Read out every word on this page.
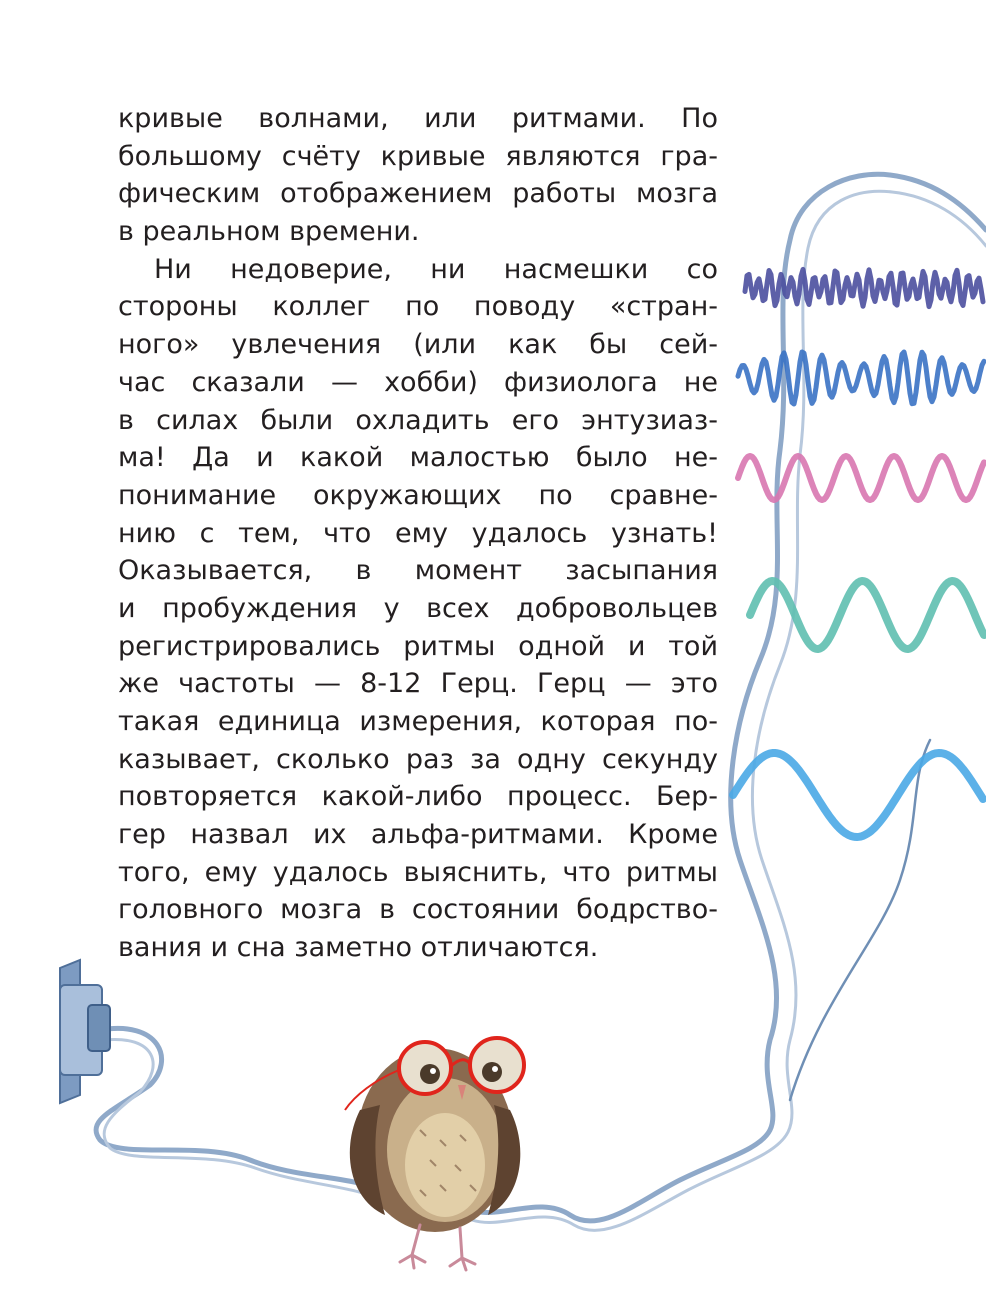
кривые волнами, или ритмами. По
большому счёту кривые являются гра-
фическим отображением работы мозга
в реальном времени.

Ни недоверие, ни насмешки со
стороны коллег по поводу «стран-
ного» увлечения (или как бы сей-
час сказали — хобби) физиолога не
в силах были охладить его энтузиаз-
ма! Да и какой малостью было не-
понимание окружающих по сравне-
нию с тем, что ему удалось узнать!
Оказывается, в момент засыпания
и пробуждения у всех добровольцев
регистрировались ритмы одной и той
же частоты — 8-12 Герц. Герц — это
такая единица измерения, которая по-
казывает, сколько раз за одну секунду
повторяется какой-либо процесс. Бер-
гер назвал их альфа-ритмами. Кроме
того, ему удалось выяснить, что ритмы
головного мозга в состоянии бодрство-
вания и сна заметно отличаются.
